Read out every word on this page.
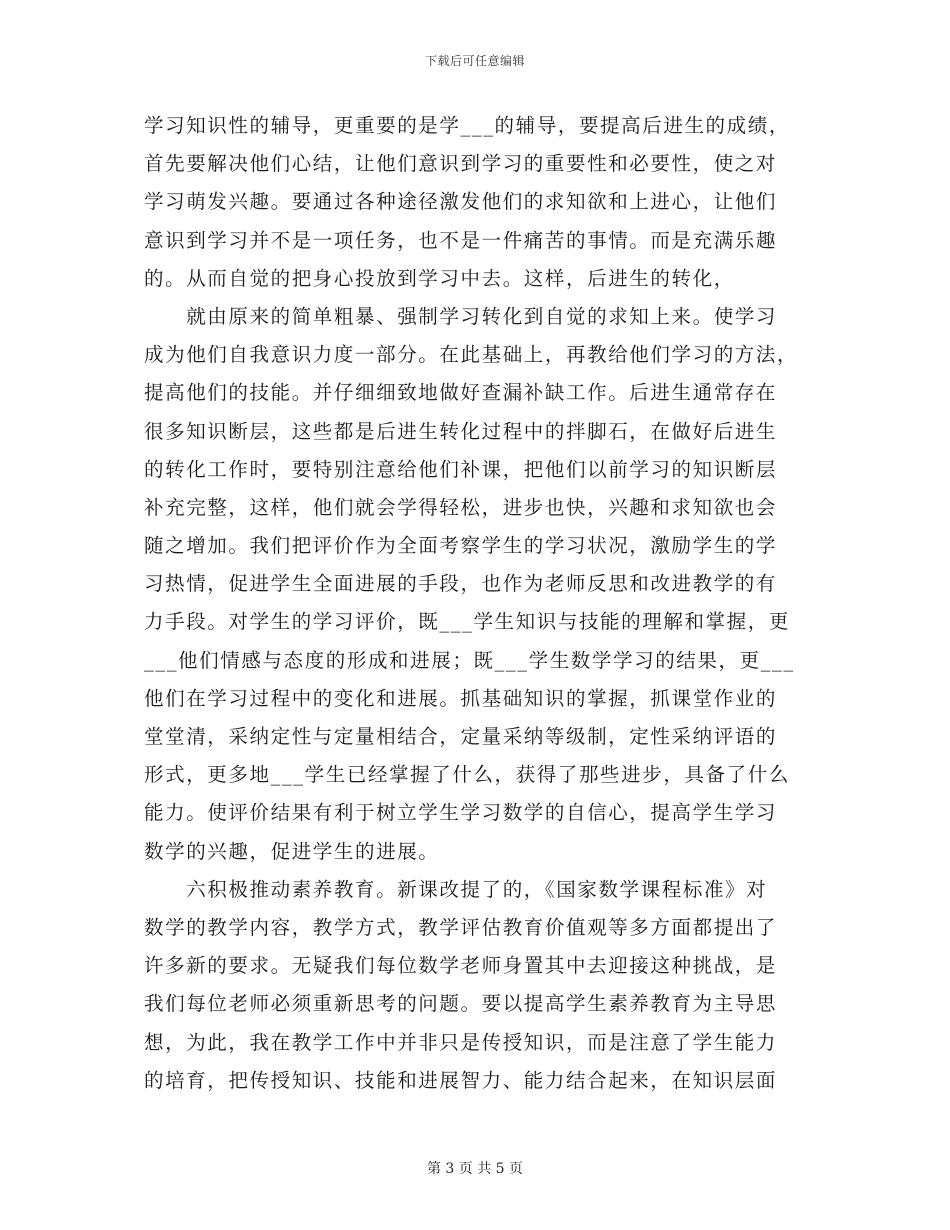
下载后可任意编辑
学习知识性的辅导，更重要的是学___的辅导，要提高后进生的成绩，
首先要解决他们心结，让他们意识到学习的重要性和必要性，使之对
学习萌发兴趣。要通过各种途径激发他们的求知欲和上进心，让他们
意识到学习并不是一项任务，也不是一件痛苦的事情。而是充满乐趣
的。从而自觉的把身心投放到学习中去。这样，后进生的转化，
　　就由原来的简单粗暴、强制学习转化到自觉的求知上来。使学习
成为他们自我意识力度一部分。在此基础上，再教给他们学习的方法，
提高他们的技能。并仔细细致地做好查漏补缺工作。后进生通常存在
很多知识断层，这些都是后进生转化过程中的拌脚石，在做好后进生
的转化工作时，要特别注意给他们补课，把他们以前学习的知识断层
补充完整，这样，他们就会学得轻松，进步也快，兴趣和求知欲也会
随之增加。我们把评价作为全面考察学生的学习状况，激励学生的学
习热情，促进学生全面进展的手段，也作为老师反思和改进教学的有
力手段。对学生的学习评价，既___学生知识与技能的理解和掌握，更
___他们情感与态度的形成和进展；既___学生数学学习的结果，更___
他们在学习过程中的变化和进展。抓基础知识的掌握，抓课堂作业的
堂堂清，采纳定性与定量相结合，定量采纳等级制，定性采纳评语的
形式，更多地___学生已经掌握了什么，获得了那些进步，具备了什么
能力。使评价结果有利于树立学生学习数学的自信心，提高学生学习
数学的兴趣，促进学生的进展。
　　六积极推动素养教育。新课改提了的，《国家数学课程标准》对
数学的教学内容，教学方式，教学评估教育价值观等多方面都提出了
许多新的要求。无疑我们每位数学老师身置其中去迎接这种挑战，是
我们每位老师必须重新思考的问题。要以提高学生素养教育为主导思
想，为此，我在教学工作中并非只是传授知识，而是注意了学生能力
的培育，把传授知识、技能和进展智力、能力结合起来，在知识层面
第 3 页 共 5 页
